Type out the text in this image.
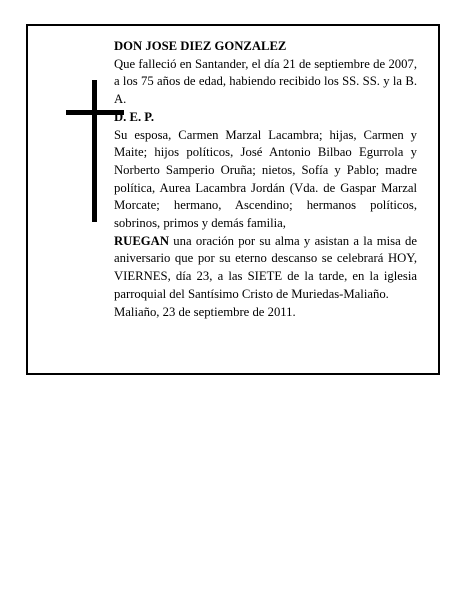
DON JOSE DIEZ GONZALEZ

Que falleció en Santander, el día 21 de septiembre de 2007, a los 75 años de edad, habiendo recibido los SS. SS. y la B. A.

D. E. P.

Su esposa, Carmen Marzal Lacambra; hijas, Carmen y Maite; hijos políticos, José Antonio Bilbao Egurrola y Norberto Samperio Oruña; nietos, Sofía y Pablo; madre política, Aurea Lacambra Jordán (Vda. de Gaspar Marzal Morcate; hermano, Ascendino; hermanos políticos, sobrinos, primos y demás familia,

RUEGAN una oración por su alma y asistan a la misa de aniversario que por su eterno descanso se celebrará HOY, VIERNES, día 23, a las SIETE de la tarde, en la iglesia parroquial del Santísimo Cristo de Muriedas-Maliaño.

Maliaño, 23 de septiembre de 2011.
